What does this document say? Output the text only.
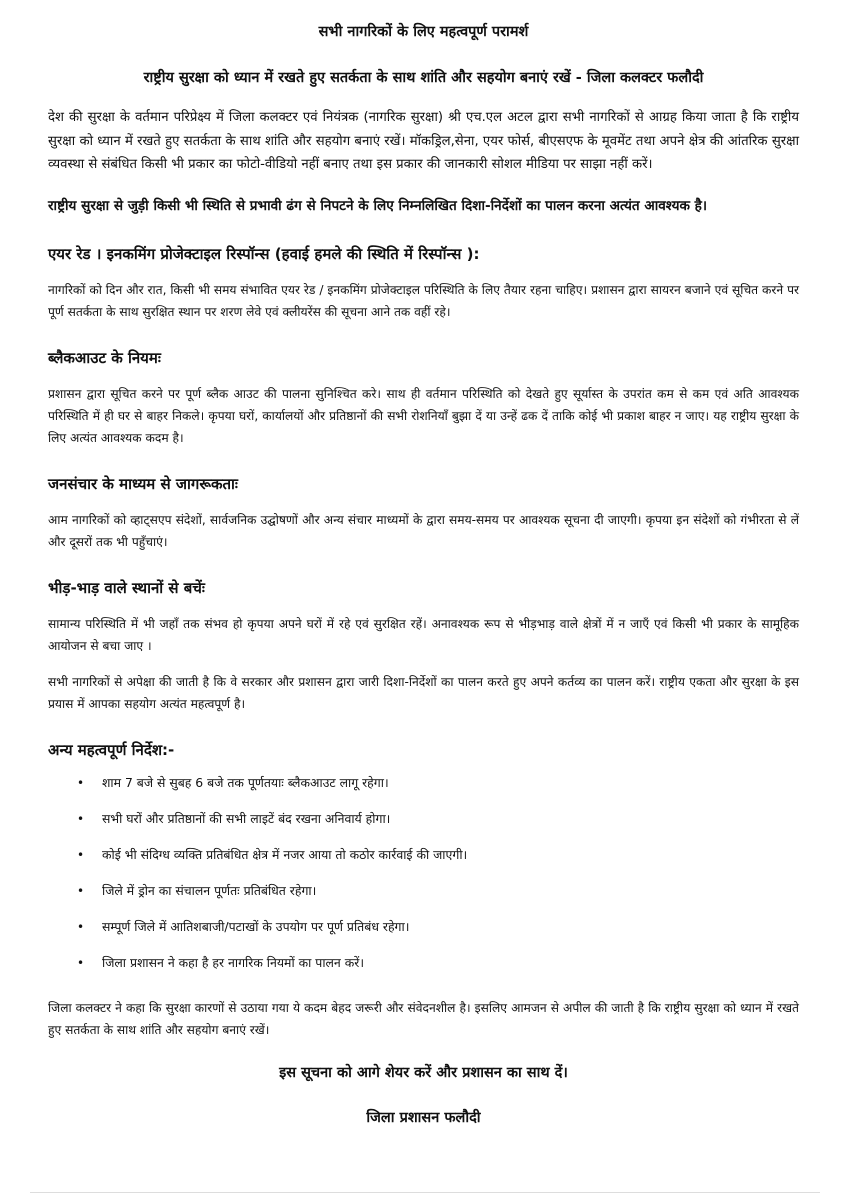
सभी नागरिकों के लिए महत्वपूर्ण परामर्श

राष्ट्रीय सुरक्षा को ध्यान में रखते हुए सतर्कता के साथ शांति और सहयोग बनाएं रखें - जिला कलक्टर फलौदी

देश की सुरक्षा के वर्तमान परिप्रेक्ष्य में जिला कलक्टर एवं नियंत्रक (नागरिक सुरक्षा) श्री एच.एल अटल द्वारा सभी नागरिकों से आग्रह किया जाता है कि राष्ट्रीय सुरक्षा को ध्यान में रखते हुए सतर्कता के साथ शांति और सहयोग बनाएं रखें। मॉकड्रिल,सेना, एयर फोर्स, बीएसएफ के मूवमेंट तथा अपने क्षेत्र की आंतरिक सुरक्षा व्यवस्था से संबंधित किसी भी प्रकार का फोटो-वीडियो नहीं बनाए तथा इस प्रकार की जानकारी सोशल मीडिया पर साझा नहीं करें।

राष्ट्रीय सुरक्षा से जुड़ी किसी भी स्थिति से प्रभावी ढंग से निपटने के लिए निम्नलिखित दिशा-निर्देशों का पालन करना अत्यंत आवश्यक है।

एयर रेड । इनकमिंग प्रोजेक्टाइल रिस्पॉन्स (हवाई हमले की स्थिति में रिस्पॉन्स ):

नागरिकों को दिन और रात, किसी भी समय संभावित एयर रेड / इनकमिंग प्रोजेक्टाइल परिस्थिति के लिए तैयार रहना चाहिए। प्रशासन द्वारा सायरन बजाने एवं सूचित करने पर पूर्ण सतर्कता के साथ सुरक्षित स्थान पर शरण लेवे एवं क्लीयरेंस की सूचना आने तक वहीं रहे।

ब्लैकआउट के नियमः

प्रशासन द्वारा सूचित करने पर पूर्ण ब्लैक आउट की पालना सुनिश्चित करे। साथ ही वर्तमान परिस्थिति को देखते हुए सूर्यास्त के उपरांत कम से कम एवं अति आवश्यक परिस्थिति में ही घर से बाहर निकले। कृपया घरों, कार्यालयों और प्रतिष्ठानों की सभी रोशनियाँ बुझा दें या उन्हें ढक दें ताकि कोई भी प्रकाश बाहर न जाए। यह राष्ट्रीय सुरक्षा के लिए अत्यंत आवश्यक कदम है।

जनसंचार के माध्यम से जागरूकताः

आम नागरिकों को व्हाट्सएप संदेशों, सार्वजनिक उद्घोषणों और अन्य संचार माध्यमों के द्वारा समय-समय पर आवश्यक सूचना दी जाएगी। कृपया इन संदेशों को गंभीरता से लें और दूसरों तक भी पहुँचाएं।

भीड़-भाड़ वाले स्थानों से बचेंः

सामान्य परिस्थिति में भी जहाँ तक संभव हो कृपया अपने घरों में रहे एवं सुरक्षित रहें। अनावश्यक रूप से भीड़भाड़ वाले क्षेत्रों में न जाएँ एवं किसी भी प्रकार के सामूहिक आयोजन से बचा जाए ।

सभी नागरिकों से अपेक्षा की जाती है कि वे सरकार और प्रशासन द्वारा जारी दिशा-निर्देशों का पालन करते हुए अपने कर्तव्य का पालन करें। राष्ट्रीय एकता और सुरक्षा के इस प्रयास में आपका सहयोग अत्यंत महत्वपूर्ण है।

अन्य महत्वपूर्ण निर्देश:-

• शाम 7 बजे से सुबह 6 बजे तक पूर्णतयाः ब्लैकआउट लागू रहेगा।
• सभी घरों और प्रतिष्ठानों की सभी लाइटें बंद रखना अनिवार्य होगा।
• कोई भी संदिग्ध व्यक्ति प्रतिबंधित क्षेत्र में नजर आया तो कठोर कार्रवाई की जाएगी।
• जिले में ड्रोन का संचालन पूर्णतः प्रतिबंधित रहेगा।
• सम्पूर्ण जिले में आतिशबाजी/पटाखों के उपयोग पर पूर्ण प्रतिबंध रहेगा।
• जिला प्रशासन ने कहा है हर नागरिक नियमों का पालन करें।

जिला कलक्टर ने कहा कि सुरक्षा कारणों से उठाया गया ये कदम बेहद जरूरी और संवेदनशील है। इसलिए आमजन से अपील की जाती है कि राष्ट्रीय सुरक्षा को ध्यान में रखते हुए सतर्कता के साथ शांति और सहयोग बनाएं रखें।

इस सूचना को आगे शेयर करें और प्रशासन का साथ दें।

जिला प्रशासन फलौदी
